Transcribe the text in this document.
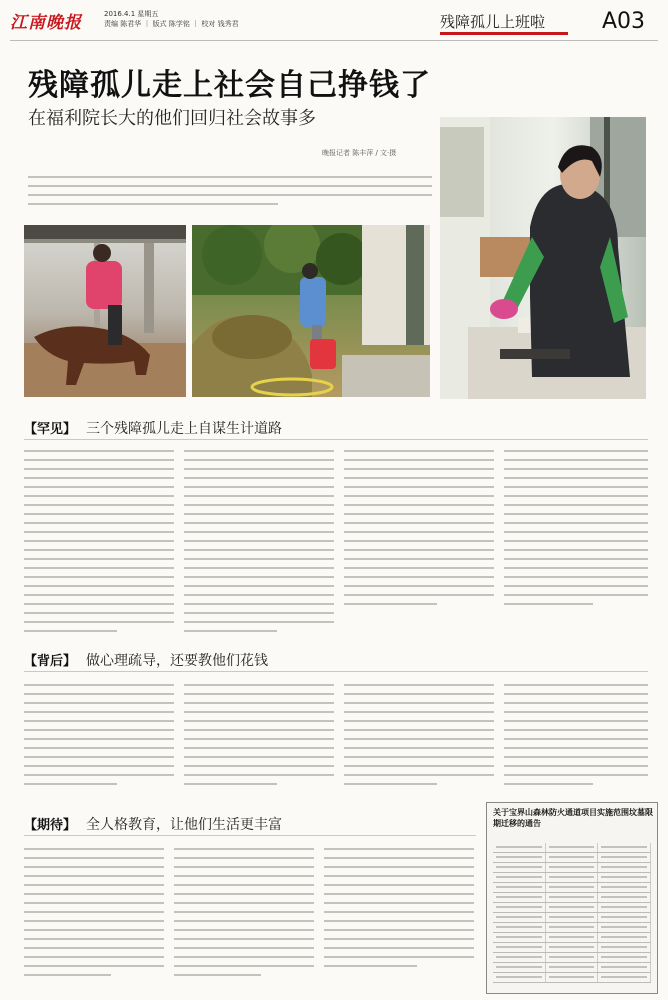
江南晚报	2016.4.1 星期五
责编 陈君华 ｜ 版式 陈学铭 ｜ 校对 钱秀君	残障孤儿上班啦	A03
残障孤儿走上社会自己挣钱了
在福利院长大的他们回归社会故事多
晚报记者 陈丰萍 / 文·摄
【罕见】 三个残障孤儿走上自谋生计道路
【背后】 做心理疏导，还要教他们花钱
【期待】 全人格教育，让他们生活更丰富
关于宝界山森林防火通道项目实施范围坟墓限期迁移的通告
